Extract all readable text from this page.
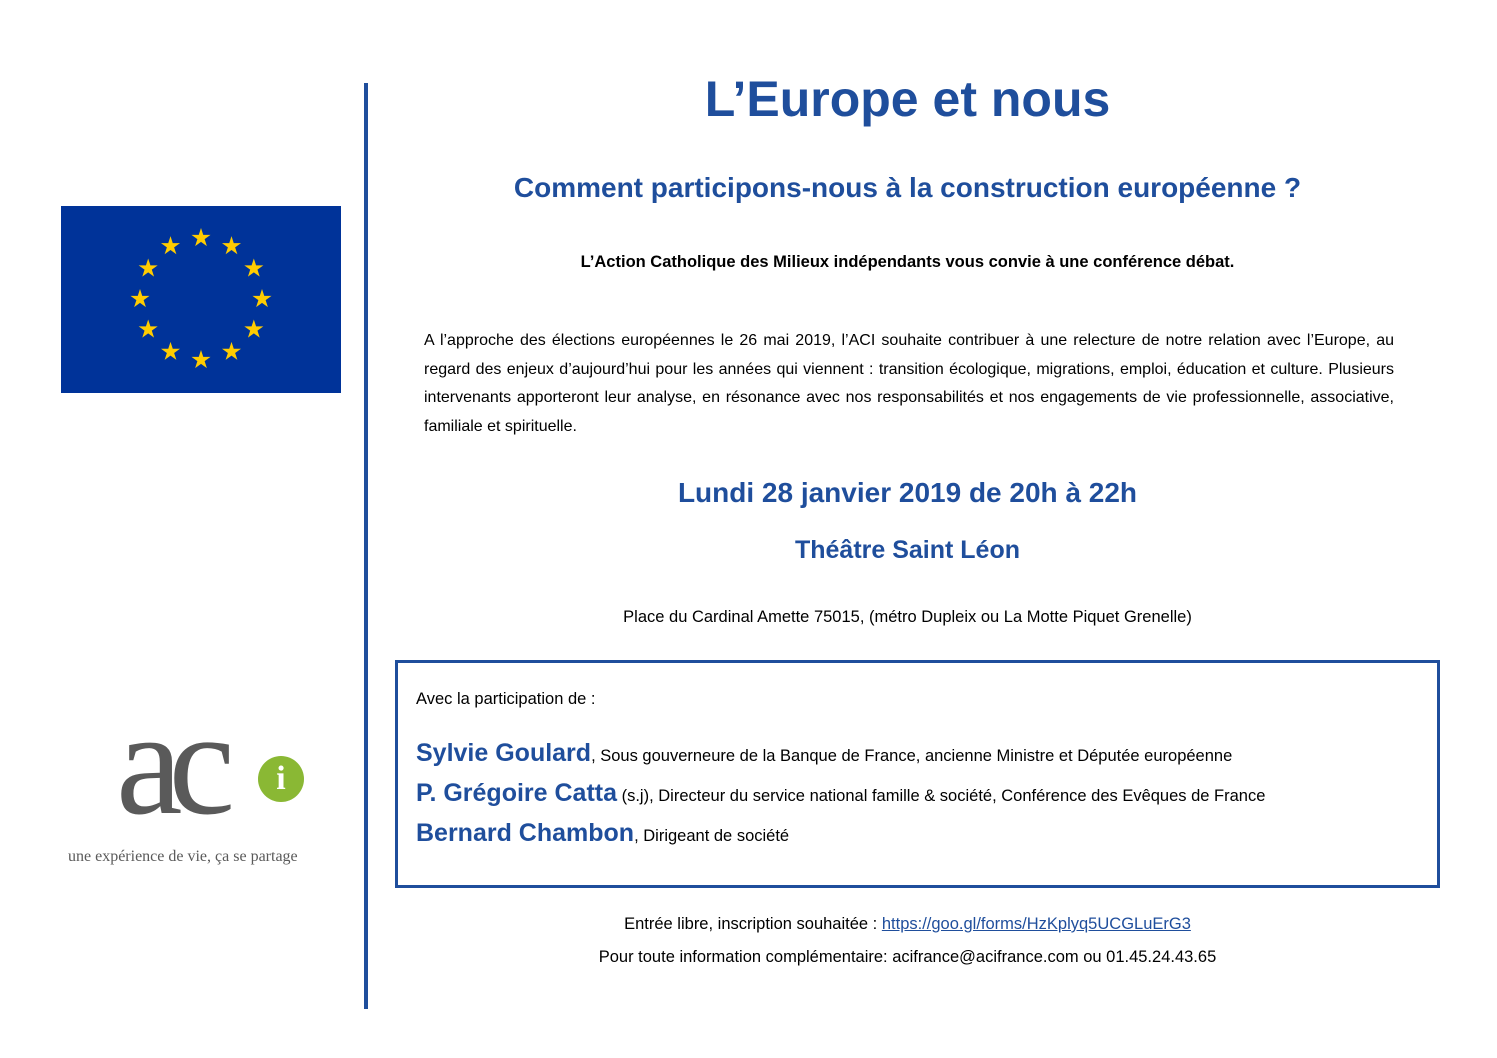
ac	i
une expérience de vie, ça se partage
L’Europe et nous
Comment participons-nous à la construction européenne ?
L’Action Catholique des Milieux indépendants vous convie à une conférence débat.
A l’approche des élections européennes le 26 mai 2019, l’ACI souhaite contribuer à une relecture de notre relation avec l’Europe, au regard des enjeux d’aujourd’hui pour les années qui viennent : transition écologique, migrations, emploi, éducation et culture. Plusieurs intervenants apporteront leur analyse, en résonance avec nos responsabilités et nos engagements de vie professionnelle, associative, familiale et spirituelle.
Lundi 28 janvier 2019 de 20h à 22h
Théâtre Saint Léon
Place du Cardinal Amette 75015, (métro Dupleix ou La Motte Piquet Grenelle)
Avec la participation de :
Sylvie Goulard, Sous gouverneure de la Banque de France, ancienne Ministre et Députée européenne
P. Grégoire Catta (s.j), Directeur du service national famille & société, Conférence des Evêques de France
Bernard Chambon, Dirigeant de société
Entrée libre, inscription souhaitée : https://goo.gl/forms/HzKplyq5UCGLuErG3
Pour toute information complémentaire: acifrance@acifrance.com ou 01.45.24.43.65
